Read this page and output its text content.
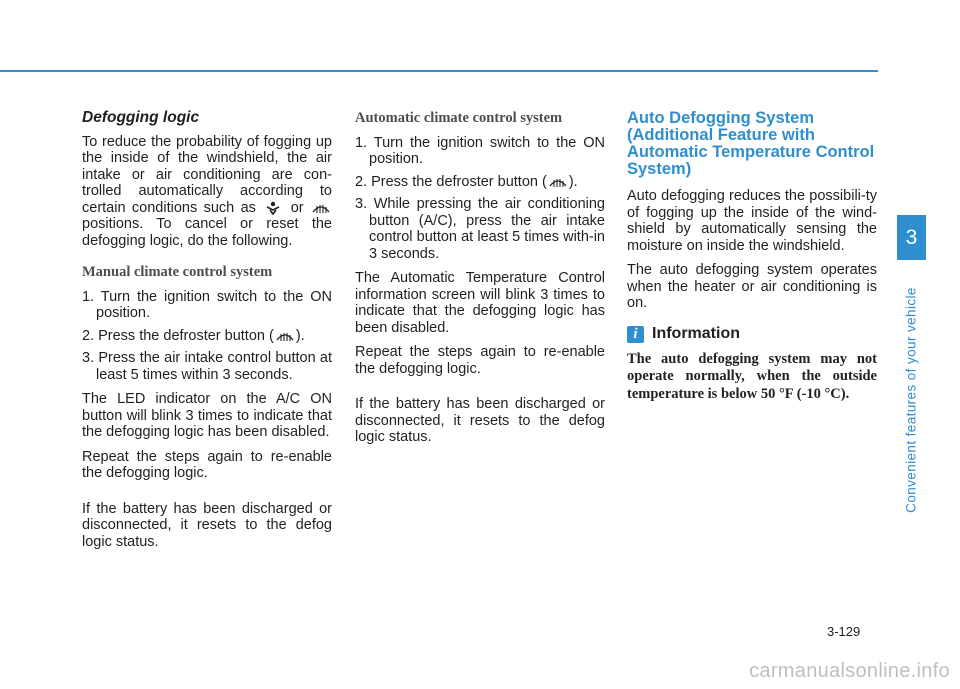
Defogging logic

To reduce the probability of fogging up the inside of the windshield, the air intake or air conditioning are con-trolled automatically according to certain conditions such as or  positions. To cancel or reset the defogging logic, do the following.

Manual climate control system
1. Turn the ignition switch to the ON position.
2. Press the defroster button ( ).
3. Press the air intake control button at least 5 times within 3 seconds.

The LED indicator on the A/C ON button will blink 3 times to indicate that the defogging logic has been disabled.

Repeat the steps again to re-enable the defogging logic.

If the battery has been discharged or disconnected, it resets to the defog logic status.

Automatic climate control system
1. Turn the ignition switch to the ON position.
2. Press the defroster button ( ).
3. While pressing the air conditioning button (A/C), press the air intake control button at least 5 times with-in 3 seconds.

The Automatic Temperature Control information screen will blink 3 times to indicate that the defogging logic has been disabled.

Repeat the steps again to re-enable the defogging logic.

If the battery has been discharged or disconnected, it resets to the defog logic status.

Auto Defogging System (Additional Feature with Automatic Temperature Control System)

Auto defogging reduces the possibili-ty of fogging up the inside of the wind-shield by automatically sensing the moisture on inside the windshield.

The auto defogging system operates when the heater or air conditioning is on.

i Information

The auto defogging system may not operate normally, when the outside temperature is below 50 °F (-10 °C).

3
Convenient features of your vehicle
3-129
carmanualsonline.info
